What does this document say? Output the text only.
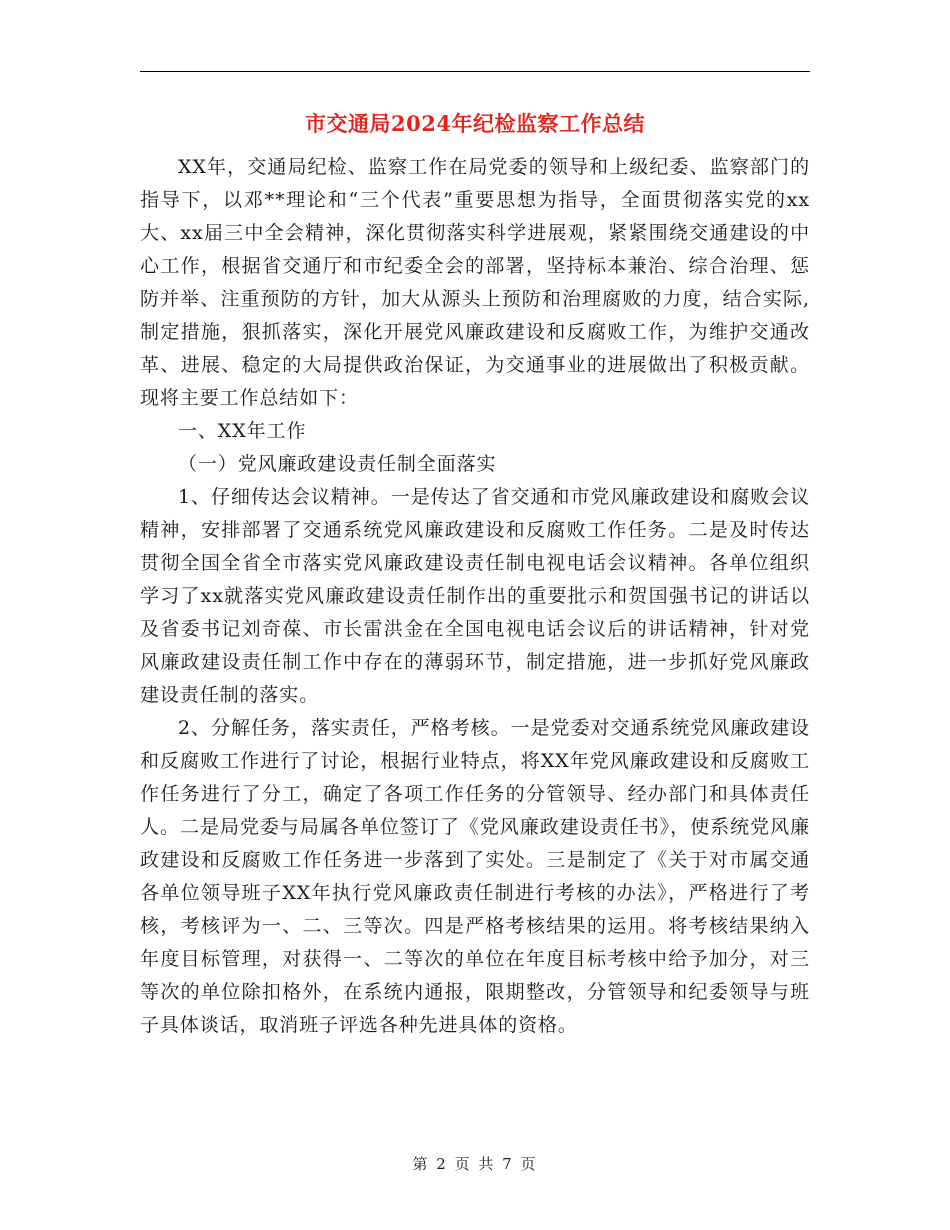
市交通局2024年纪检监察工作总结

XX年，交通局纪检、监察工作在局党委的领导和上级纪委、监察部门的指导下，以邓**理论和“三个代表”重要思想为指导，全面贯彻落实党的xx大、xx届三中全会精神，深化贯彻落实科学进展观，紧紧围绕交通建设的中心工作，根据省交通厅和市纪委全会的部署，坚持标本兼治、综合治理、惩防并举、注重预防的方针，加大从源头上预防和治理腐败的力度，结合实际,制定措施，狠抓落实，深化开展党风廉政建设和反腐败工作，为维护交通改革、进展、稳定的大局提供政治保证，为交通事业的进展做出了积极贡献。现将主要工作总结如下：

一、XX年工作

（一）党风廉政建设责任制全面落实

1、仔细传达会议精神。一是传达了省交通和市党风廉政建设和腐败会议精神，安排部署了交通系统党风廉政建设和反腐败工作任务。二是及时传达贯彻全国全省全市落实党风廉政建设责任制电视电话会议精神。各单位组织学习了xx就落实党风廉政建设责任制作出的重要批示和贺国强书记的讲话以及省委书记刘奇葆、市长雷洪金在全国电视电话会议后的讲话精神，针对党风廉政建设责任制工作中存在的薄弱环节，制定措施，进一步抓好党风廉政建设责任制的落实。

2、分解任务，落实责任，严格考核。一是党委对交通系统党风廉政建设和反腐败工作进行了讨论，根据行业特点，将XX年党风廉政建设和反腐败工作任务进行了分工，确定了各项工作任务的分管领导、经办部门和具体责任人。二是局党委与局属各单位签订了《党风廉政建设责任书》，使系统党风廉政建设和反腐败工作任务进一步落到了实处。三是制定了《关于对市属交通各单位领导班子XX年执行党风廉政责任制进行考核的办法》，严格进行了考核，考核评为一、二、三等次。四是严格考核结果的运用。将考核结果纳入年度目标管理，对获得一、二等次的单位在年度目标考核中给予加分，对三等次的单位除扣格外，在系统内通报，限期整改，分管领导和纪委领导与班子具体谈话，取消班子评选各种先进具体的资格。

第 2 页 共 7 页
